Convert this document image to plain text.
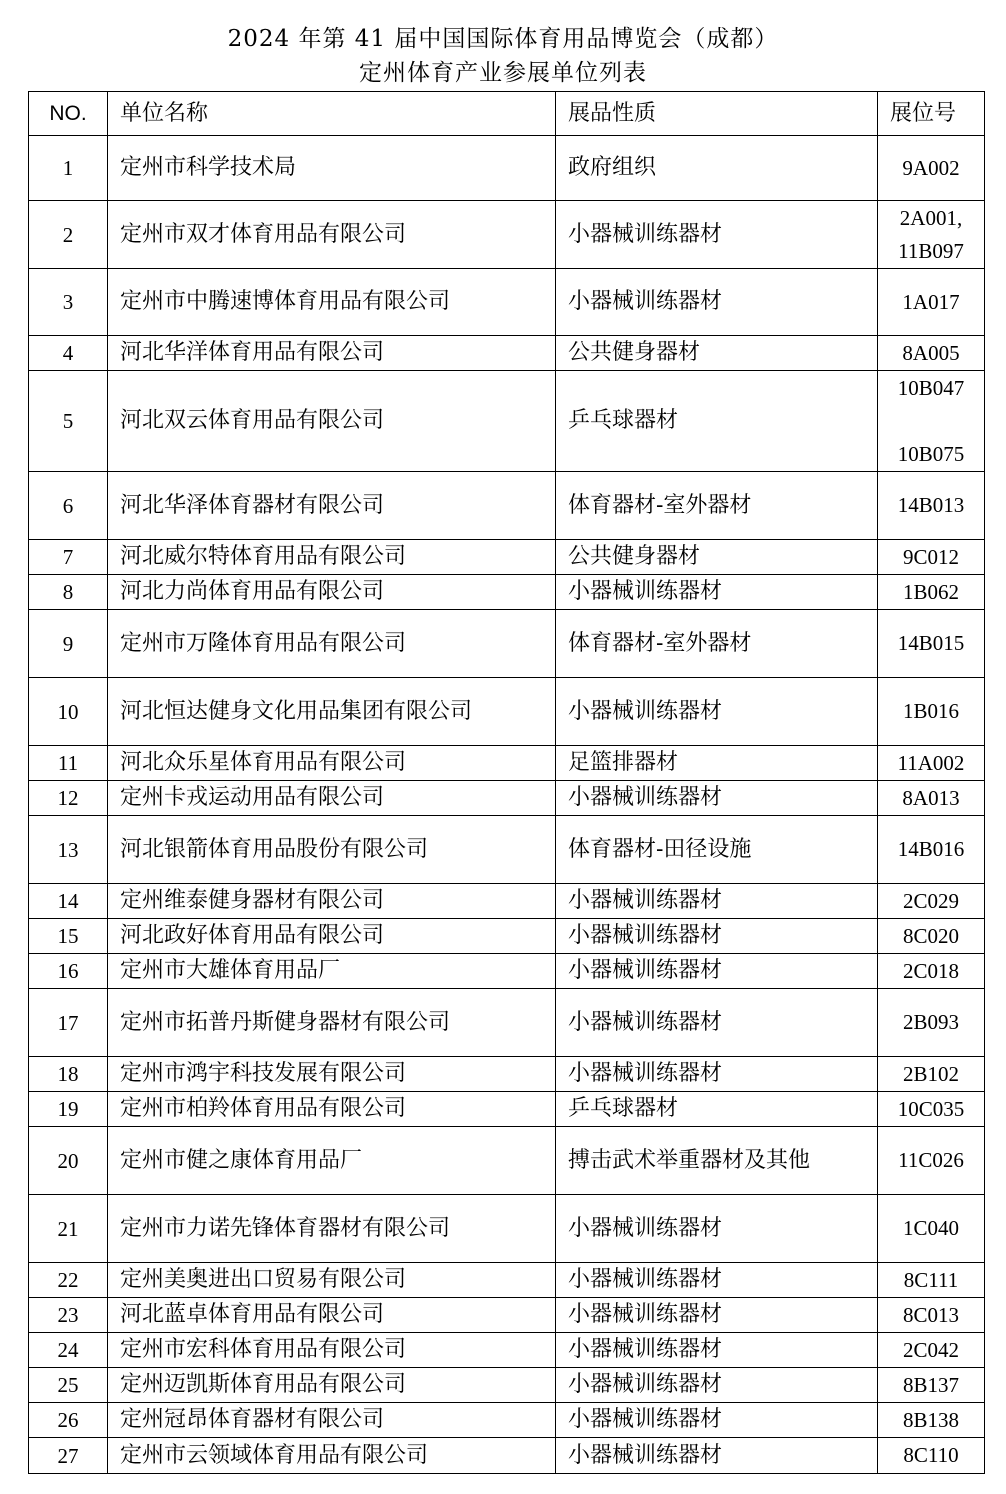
2024 年第 41 届中国国际体育用品博览会（成都）
定州体育产业参展单位列表
NO.	单位名称	展品性质	展位号
1	定州市科学技术局	政府组织	9A002

2	定州市双才体育用品有限公司	小器械训练器材	2A001,
11B097

3	定州市中腾速博体育用品有限公司	小器械训练器材	1A017

4	河北华洋体育用品有限公司	公共健身器材	8A005

5	河北双云体育用品有限公司	乒乓球器材	10B047

10B075

6	河北华泽体育器材有限公司	体育器材-室外器材	14B013

7	河北威尔特体育用品有限公司	公共健身器材	9C012

8	河北力尚体育用品有限公司	小器械训练器材	1B062

9	定州市万隆体育用品有限公司	体育器材-室外器材	14B015

10	河北恒达健身文化用品集团有限公司	小器械训练器材	1B016

11	河北众乐星体育用品有限公司	足篮排器材	11A002

12	定州卡戎运动用品有限公司	小器械训练器材	8A013

13	河北银箭体育用品股份有限公司	体育器材-田径设施	14B016

14	定州维泰健身器材有限公司	小器械训练器材	2C029

15	河北政好体育用品有限公司	小器械训练器材	8C020

16	定州市大雄体育用品厂	小器械训练器材	2C018

17	定州市拓普丹斯健身器材有限公司	小器械训练器材	2B093

18	定州市鸿宇科技发展有限公司	小器械训练器材	2B102

19	定州市柏羚体育用品有限公司	乒乓球器材	10C035

20	定州市健之康体育用品厂	搏击武术举重器材及其他	11C026

21	定州市力诺先锋体育器材有限公司	小器械训练器材	1C040

22	定州美奥进出口贸易有限公司	小器械训练器材	8C111

23	河北蓝卓体育用品有限公司	小器械训练器材	8C013

24	定州市宏科体育用品有限公司	小器械训练器材	2C042

25	定州迈凯斯体育用品有限公司	小器械训练器材	8B137

26	定州冠昂体育器材有限公司	小器械训练器材	8B138

27	定州市云领域体育用品有限公司	小器械训练器材	8C110
